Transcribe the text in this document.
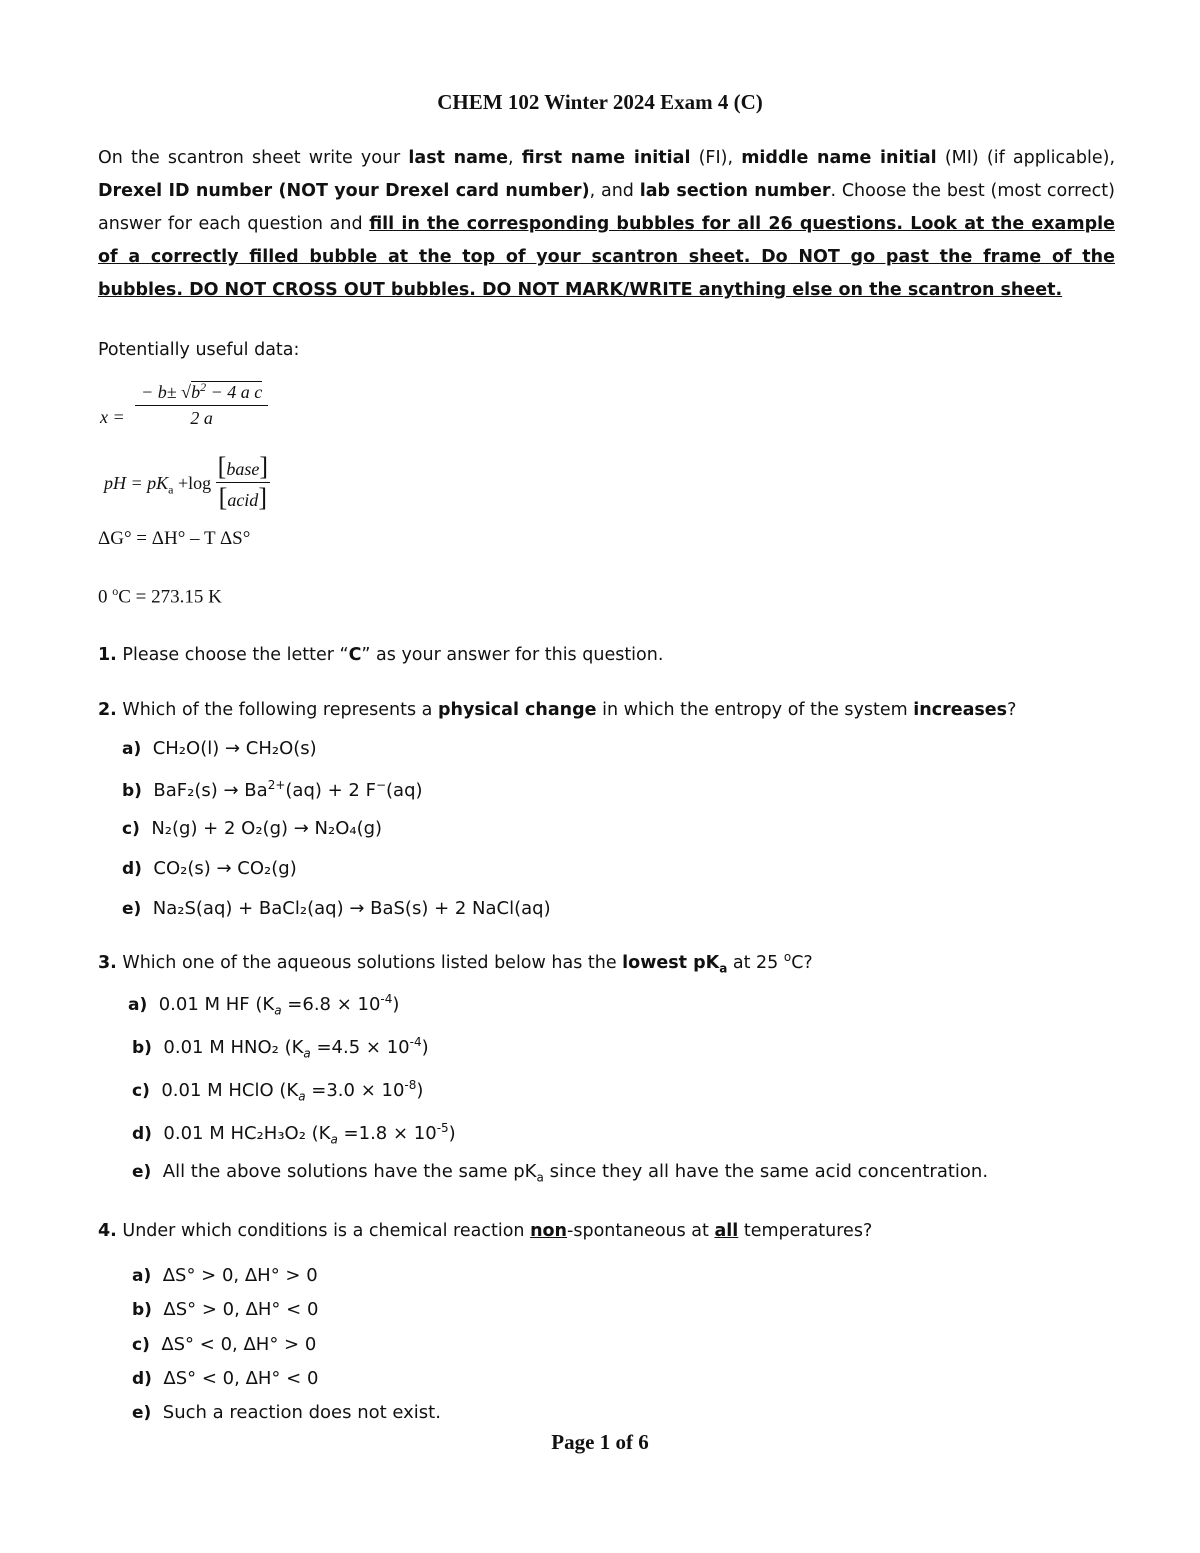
CHEM 102 Winter 2024 Exam 4 (C)
On the scantron sheet write your last name, first name initial (FI), middle name initial (MI) (if applicable), Drexel ID number (NOT your Drexel card number), and lab section number. Choose the best (most correct) answer for each question and fill in the corresponding bubbles for all 26 questions. Look at the example of a correctly filled bubble at the top of your scantron sheet. Do NOT go past the frame of the bubbles. DO NOT CROSS OUT bubbles. DO NOT MARK/WRITE anything else on the scantron sheet.
Potentially useful data:
$x = \frac{- b\pm √b^2 - 4 a c}{2 a}$
pH = $pK_a +\log \frac{\text{[base]}}{\text{[acid]}}$
ΔG° = ΔH° – T ΔS°
0 $^o$C = 273.15 K
1. Please choose the letter “C” as your answer for this question.
2. Which of the following represents a physical change in which the entropy of the system increases?
a) CH₂O(l) → CH₂O(s)
b) $BaF_2(s) \to Ba^{2+}(aq) + 2$ F−(aq)
c) N₂(g) + 2 O₂(g) → N₂O₄(g)
d) CO₂(s) → CO₂(g)
e) Na₂S(aq) + BaCl₂(aq) → BaS(s) + 2 NaCl(aq)
3. Which one of the aqueous solutions listed below has the lowest $pK_a$ at 25 $^o$C?
a) 0.01 M HF $(K_a =6.8 \times 10^{-4})$
b) 0.01 M HNO₂ $(K_a =4.5 \times 10^{-4})$
c) 0.01 M HClO $(K_a =3.0 \times 10^{-8})$
d) 0.01 M HC₂H₃O₂ $(K_a =1.8 \times 10^{-5})$
e) All the above solutions have the same $pK_a$ since they all have the same acid concentration.
4. Under which conditions is a chemical reaction non-spontaneous at all temperatures?
a) ΔS° > 0, ΔH° > 0
b) ΔS° > 0, ΔH° < 0
c) ΔS° < 0, ΔH° > 0
d) ΔS° < 0, ΔH° < 0
e) Such a reaction does not exist.
Page 1 of 6
